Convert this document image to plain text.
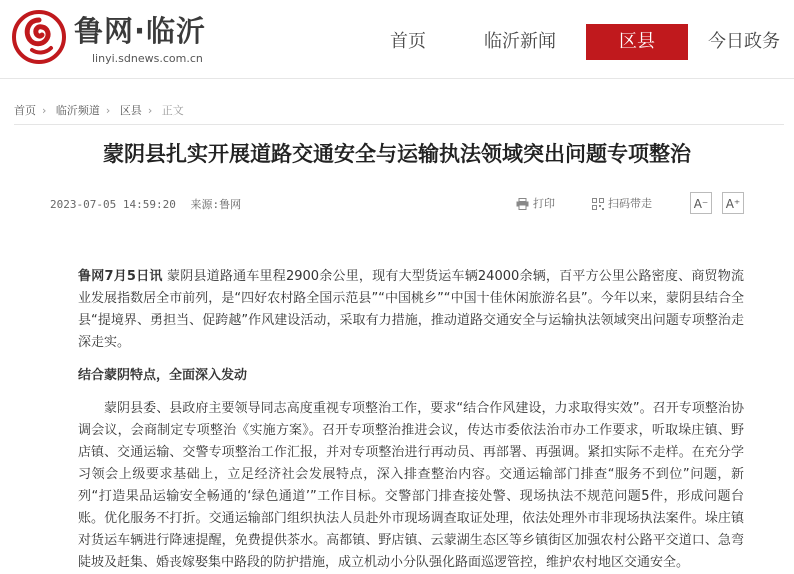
鲁网·临沂
linyi.sdnews.com.cn
首页	临沂新闻	区县	今日政务
首页 › 临沂频道 › 区县 › 正文
蒙阴县扎实开展道路交通安全与运输执法领域突出问题专项整治
2023-07-05 14:59:20 来源:鲁网	打印	扫码带走	A⁻	A⁺

鲁网7月5日讯 蒙阴县道路通车里程2900余公里，现有大型货运车辆24000余辆，百平方公里公路密度、商贸物流业发展指数居全市前列，是“四好农村路全国示范县”“中国桃乡”“中国十佳休闲旅游名县”。今年以来，蒙阴县结合全县“提境界、勇担当、促跨越”作风建设活动，采取有力措施，推动道路交通安全与运输执法领域突出问题专项整治走深走实。

结合蒙阴特点，全面深入发动

蒙阴县委、县政府主要领导同志高度重视专项整治工作，要求“结合作风建设，力求取得实效”。召开专项整治协调会议，会商制定专项整治《实施方案》。召开专项整治推进会议，传达市委依法治市办工作要求，听取垛庄镇、野店镇、交通运输、交警专项整治工作汇报，并对专项整治进行再动员、再部署、再强调。紧扣实际不走样。在充分学习领会上级要求基础上，立足经济社会发展特点，深入排查整治内容。交通运输部门排查“服务不到位”问题，新列“打造果品运输安全畅通的‘绿色通道’”工作目标。交警部门排查接处警、现场执法不规范问题5件，形成问题台账。优化服务不打折。交通运输部门组织执法人员赴外市现场调查取证处理，依法处理外市非现场执法案件。垛庄镇对货运车辆进行降速提醒，免费提供茶水。高都镇、野店镇、云蒙湖生态区等乡镇街区加强农村公路平交道口、急弯陡坡及赶集、婚丧嫁娶集中路段的防护措施，成立机动小分队强化路面巡逻管控，维护农村地区交通安全。
